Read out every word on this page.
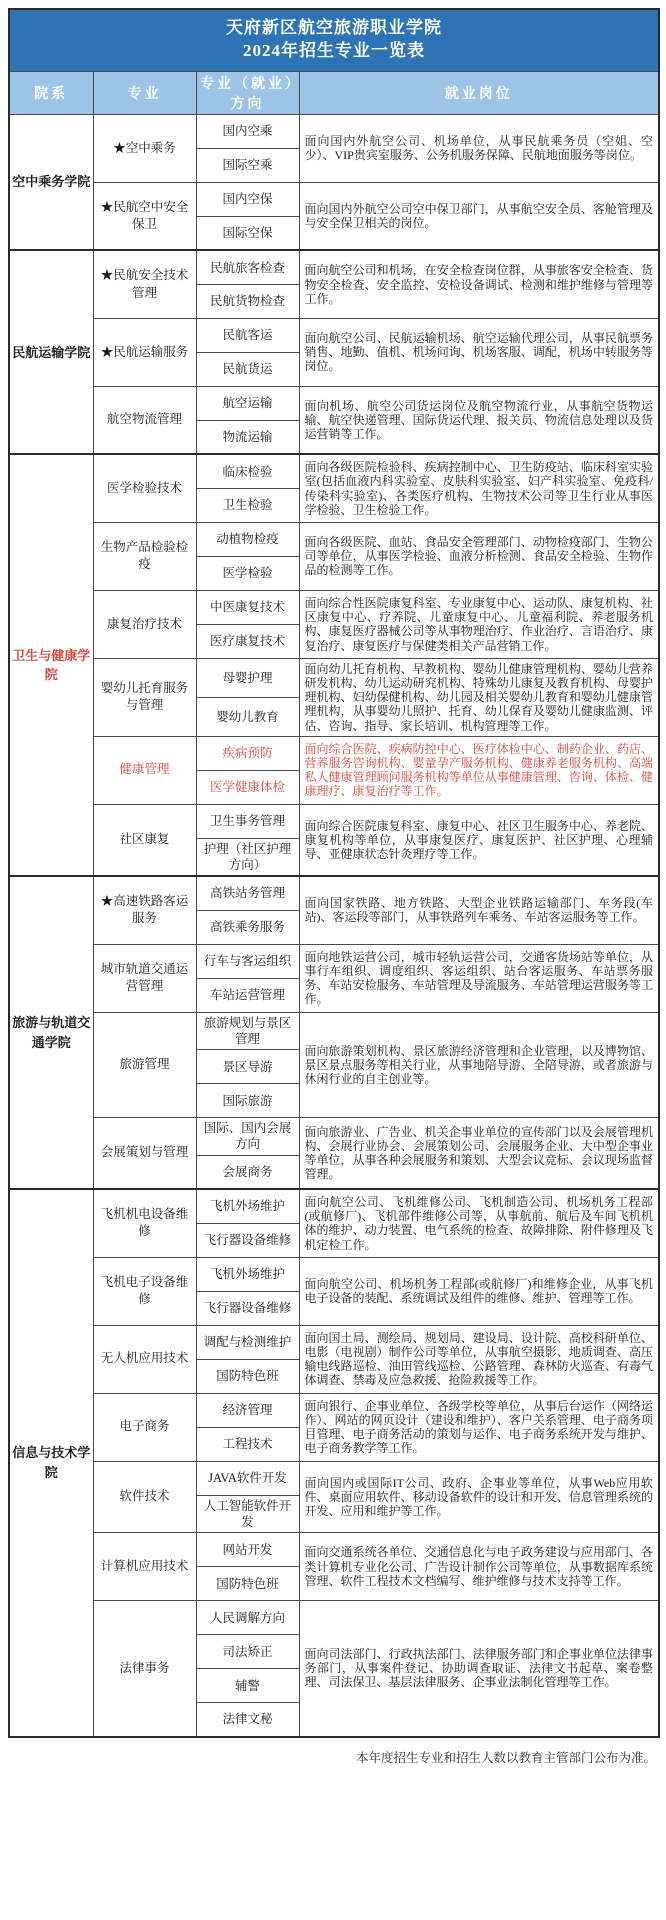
天府新区航空旅游职业学院
2024年招生专业一览表			

院系	专业	专业（就业）方向	就业岗位
空中乘务学院	★空中乘务	国内空乘	面向国内外航空公司、机场单位，从事民航乘务员（空姐、空少）、VIP贵宾室服务、公务机服务保障、民航地面服务等岗位。
		国际空乘	
	★民航空中安全保卫	国内空保	面向国内外航空公司空中保卫部门，从事航空安全员、客舱管理及与安全保卫相关的岗位。
		国际空保	
民航运输学院	★民航安全技术管理	民航旅客检查	面向航空公司和机场，在安全检查岗位群，从事旅客安全检查、货物安全检查、安全监控、安检设备调试、检测和维护维修与管理等工作。
		民航货物检查	
	★民航运输服务	民航客运	面向航空公司、民航运输机场、航空运输代理公司，从事民航票务销售、地勤、值机、机场问询、机场客服、调配，机场中转服务等岗位。
		民航货运	
	航空物流管理	航空运输	面向机场、航空公司货运岗位及航空物流行业，从事航空货物运输、航空快递管理、国际货运代理、报关员、物流信息处理以及货运营销等工作。
		物流运输	
卫生与健康学院	医学检验技术	临床检验	面向各级医院检验科、疾病控制中心、卫生防疫站、临床科室实验室(包括血液内科实验室、皮肤科实验室、妇产科实验室、免疫科/传染科实验室)、各类医疗机构、生物技术公司等卫生行业从事医学检验、卫生检验工作。
		卫生检验	
	生物产品检验检疫	动植物检疫	面向各级医院、血站、食品安全管理部门、动物检疫部门、生物公司等单位，从事医学检验、血液分析检测、食品安全检验、生物作品的检测等工作。
		医学检验	
	康复治疗技术	中医康复技术	面向综合性医院康复科室、专业康复中心、运动队、康复机构、社区康复中心、疗养院、儿童康复中心、儿童福利院、养老服务机构、康复医疗器械公司等从事物理治疗、作业治疗、言语治疗、康复治疗、康复医疗与保健类相关产品营销工作。
		医疗康复技术	
	婴幼儿托育服务与管理	母婴护理	面向幼儿托育机构、早教机构、婴幼儿健康管理机构、婴幼儿营养研发机构、幼儿运动研究机构、特殊幼儿康复及教育机构、母婴护理机构、妇幼保健机构、幼儿园及相关婴幼儿教育和婴幼儿健康管理机构，从事婴幼儿照护、托育、幼儿保育及婴幼儿健康监测、评估、咨询、指导、家长培训、机构管理等工作。
		婴幼儿教育	
	健康管理	疾病预防	面向综合医院、疾病防控中心、医疗体检中心、制药企业、药店、营养服务咨询机构、婴童孕产服务机构、健康养老服务机构、高端私人健康管理顾问服务机构等单位从事健康管理、咨询、体检、健康理疗、康复治疗等工作。
		医学健康体检	
	社区康复	卫生事务管理	面向综合医院康复科室、康复中心、社区卫生服务中心、养老院、康复机构等单位，从事康复医疗、康复医护、社区护理、心理辅导、亚健康状态针灸理疗等工作。
		护理（社区护理方向）	
旅游与轨道交通学院	★高速铁路客运服务	高铁站务管理	面向国家铁路、地方铁路、大型企业铁路运输部门、车务段(车站)、客运段等部门，从事铁路列车乘务、车站客运服务等工作。
		高铁乘务服务	
	城市轨道交通运营管理	行车与客运组织	面向地铁运营公司，城市轻轨运营公司，交通客货场站等单位，从事行车组织、调度组织、客运组织、站台客运服务、车站票务服务、车站安检服务、车站管理及导流服务、车站管理运营服务等工作。
		车站运营管理	
	旅游管理	旅游规划与景区管理	面向旅游策划机构、景区旅游经济管理和企业管理，以及博物馆、景区景点服务等相关行业，从事地陪导游、全陪导游，或者旅游与休闲行业的自主创业等。
		景区导游	
		国际旅游	
	会展策划与管理	国际、国内会展方向	面向旅游业、广告业、机关企事业单位的宣传部门以及会展管理机构、会展行业协会、会展策划公司、会展服务企业、大中型企事业等单位，从事各种会展服务和策划、大型会议竞标、会议现场监督管理。
		会展商务	
信息与技术学院	飞机机电设备维修	飞机外场维护	面向航空公司、飞机维修公司、飞机制造公司、机场机务工程部(或航修厂)、飞机部件维修公司等，从事航前、航后及车间飞机机体的维护、动力装置、电气系统的检查、故障排除、附件修理及飞机定检工作。
		飞行器设备维修	
	飞机电子设备维修	飞机外场维护	面向航空公司、机场机务工程部(或航修厂)和维修企业，从事飞机电子设备的装配、系统调试及组件的维修、维护、管理等工作。
		飞行器设备维修	
	无人机应用技术	调配与检测维护	面向国土局、测绘局、规划局、建设局、设计院、高校科研单位、电影（电视剧）制作公司等单位，从事航空摄影、地质调查、高压输电线路巡检、油田管线巡检、公路管理、森林防火巡查、有毒气体调查、禁毒及应急救援、抢险救援等工作。
		国防特色班	
	电子商务	经济管理	面向银行、企事业单位、各级学校等单位，从事后台运作（网络运作）、网站的网页设计（建设和维护）、客户关系管理、电子商务项目管理、电子商务活动的策划与运作、电子商务系统开发与维护、电子商务教学等工作。
		工程技术	
	软件技术	JAVA软件开发	面向国内或国际IT公司、政府、企事业等单位，从事Web应用软件、桌面应用软件、移动设备软件的设计和开发、信息管理系统的开发、应用和维护等工作。
		人工智能软件开发	
	计算机应用技术	网站开发	面向交通系统各单位、交通信息化与电子政务建设与应用部门、各类计算机专业化公司、广告设计制作公司等单位，从事数据库系统管理、软件工程技术文档编写、维护维修与技术支持等工作。
		国防特色班	
	法律事务	人民调解方向	面向司法部门、行政执法部门、法律服务部门和企事业单位法律事务部门，从事案件登记、协助调查取证、法律文书起草、案卷整理、司法保卫、基层法律服务、企事业法制化管理等工作。
		司法矫正	
		辅警	
		法律文秘	
本年度招生专业和招生人数以教育主管部门公布为准。
